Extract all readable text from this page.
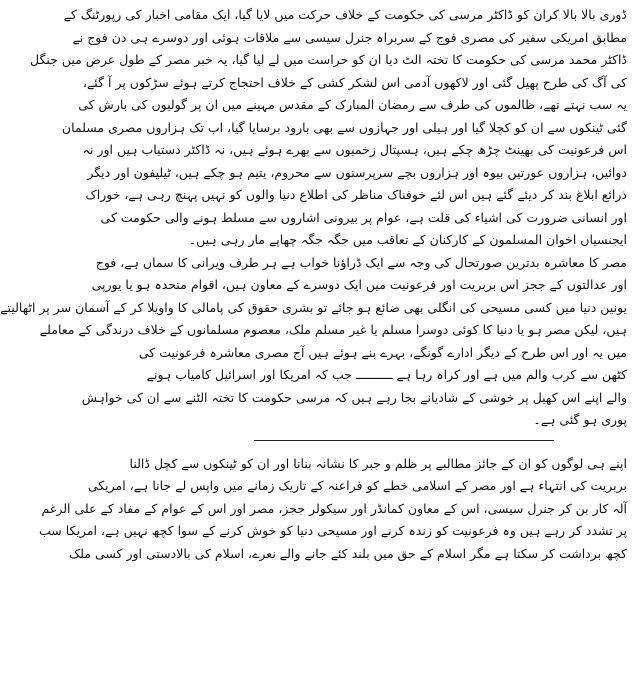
ڈوری بالا بالا کران کو ڈاکٹر مرسی کی حکومت کے خلاف حرکت میں لایا گیا، ایک مقامی اخبار کی رپورٹنگ کے
مطابق امریکی سفیر کی مصری فوج کے سربراہ جنرل سیسی سے ملاقات ہوئی اور دوسرے ہی دن فوج نے
ڈاکٹر محمد مرسی کی حکومت کا تختہ الٹ دیا ان کو حراست میں لے لیا گیا، یہ خبر مصر کے طول عرض میں جنگل
کی آگ کی طرح پھیل گئی اور لاکھوں آدمی اس لشکر کشی کے خلاف احتجاج کرتے ہوئے سڑکوں پر آ گئے،
یہ سب نہتے تھے، ظالموں کی طرف سے رمضان المبارک کے مقدس مہینے میں ان پر گولیوں کی بارش کی
گئی ٹینکوں سے ان کو کچلا گیا اور ہیلی اور جہازوں سے بھی بارود برسایا گیا، اب تک ہزاروں مصری مسلمان
اس فرعونیت کی بھینٹ چڑھ چکے ہیں، ہسپتال زخمیوں سے بھرے ہوئے ہیں، نہ ڈاکٹر دستیاب ہیں اور نہ
دوائیں، ہزاروں عورتیں بیوہ اور ہزاروں بچے سرپرستوں سے محروم، یتیم ہو چکے ہیں، ٹیلیفون اور دیگر
ذرائع ابلاغ بند کر دیئے گئے ہیں اس لئے خوفناک مناظر کی اطلاع دنیا والوں کو نہیں پہنچ رہی ہے، خوراک
اور انسانی ضرورت کی اشیاء کی قلت ہے، عوام پر بیرونی اشاروں سے مسلط ہونے والی حکومت کی
ایجنسیاں اخوان المسلمون کے کارکنان کے تعاقب میں جگہ جگہ چھاپے مار رہی ہیں۔
مصر کا معاشرہ بدترین صورتحال کی وجہ سے ایک ڈراؤنا خواب ہے ہر طرف ویرانی کا سماں ہے، فوج
اور عدالتوں کے ججز اس بربریت اور فرعونیت میں ایک دوسرے کے معاون ہیں، اقوام متحدہ ہو یا یورپی
یونین دنیا میں کسی مسیحی کی انگلی بھی ضائع ہو جائے تو بشری حقوق کی پامالی کا واویلا کر کے آسمان سر پر اٹھالیتے
ہیں، لیکن مصر ہو یا دنیا کا کوئی دوسرا مسلم یا غیر مسلم ملک، معصوم مسلمانوں کے خلاف درندگی کے معاملے
میں یہ اور اس طرح کے دیگر ادارے گونگے، بہرے بنے ہوئے ہیں آج مصری معاشرہ فرعونیت کی
کٹھن سے کرب والم میں ہے اور کراہ رہا ہے ــــــــــ جب کہ امریکا اور اسرائیل کامیاب ہونے
والے اپنے اس کھیل پر خوشی کے شادیانے بجا رہے ہیں کہ مرسی حکومت کا تختہ الٹنے سے ان کی خواہش
پوری ہو گئی ہے۔
اپنے ہی لوگوں کو ان کے جائز مطالبے پر ظلم و جبر کا نشانہ بنانا اور ان کو ٹینکوں سے کچل ڈالنا
بربریت کی انتہاء ہے اور مصر کے اسلامی خطے کو فراعنہ کے تاریک زمانے میں واپس لے جانا ہے، امریکی
آلہ کار بن کر جنرل سیسی، اس کے معاون کمانڈر اور سیکولر ججز، مصر اور اس کے عوام کے مفاد کے علی الرغم
پر تشدد کر رہے ہیں وہ فرعونیت کو زندہ کرنے اور مسیحی دنیا کو خوش کرنے کے سوا کچھ نہیں ہے، امریکا سب
کچھ برداشت کر سکتا ہے مگر اسلام کے حق میں بلند کئے جانے والے نعرے، اسلام کی بالادستی اور کسی ملک
